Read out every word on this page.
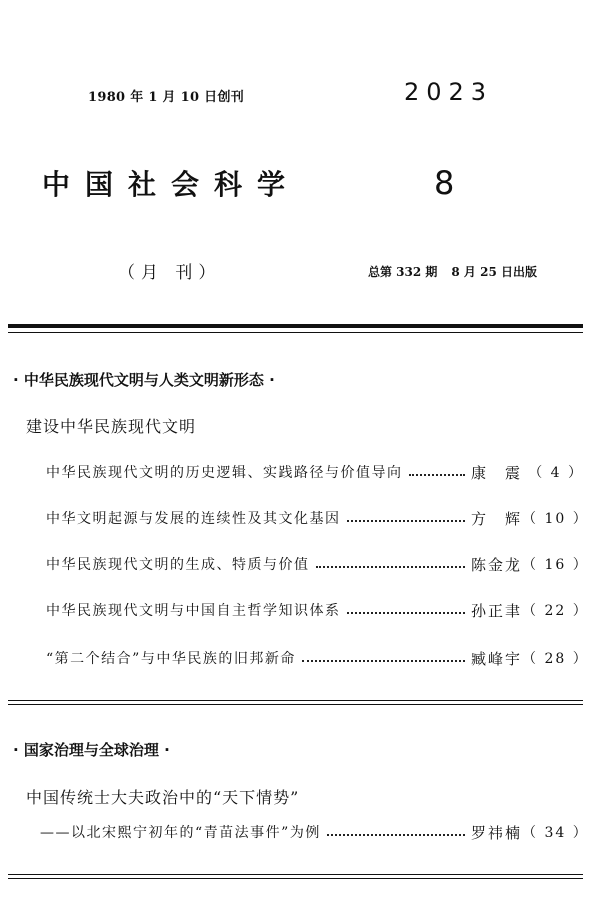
1980 年 1 月 10 日创刊	2023
中国社会科学	8
（月 刊）	总第 332 期 8 月 25 日出版
· 中华民族现代文明与人类文明新形态 ·
建设中华民族现代文明
中华民族现代文明的历史逻辑、实践路径与价值导向	康　震 （ 4 ）
中华文明起源与发展的连续性及其文化基因	方　辉 （ 10 ）
中华民族现代文明的生成、特质与价值	陈金龙 （ 16 ）
中华民族现代文明与中国自主哲学知识体系	孙正聿 （ 22 ）
“第二个结合”与中华民族的旧邦新命	臧峰宇 （ 28 ）
· 国家治理与全球治理 ·
中国传统士大夫政治中的“天下情势”
——以北宋熙宁初年的“青苗法事件”为例	罗祎楠 （ 34 ）
